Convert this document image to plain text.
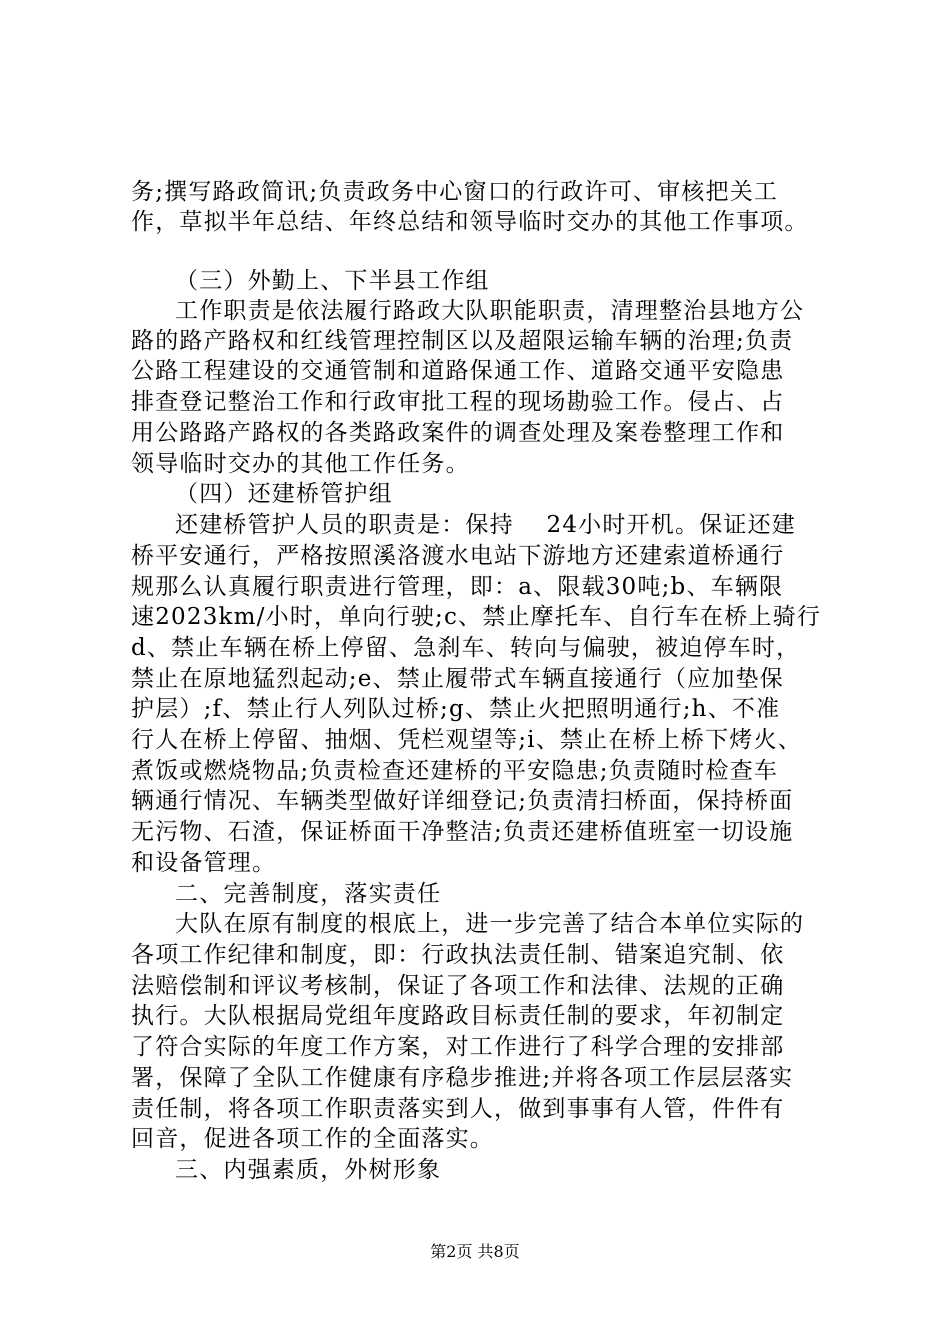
务;撰写路政简讯;负责政务中心窗口的行政许可、审核把关工
作，草拟半年总结、年终总结和领导临时交办的其他工作事项。
（三）外勤上、下半县工作组
工作职责是依法履行路政大队职能职责，清理整治县地方公
路的路产路权和红线管理控制区以及超限运输车辆的治理;负责
公路工程建设的交通管制和道路保通工作、道路交通平安隐患
排查登记整治工作和行政审批工程的现场勘验工作。侵占、占
用公路路产路权的各类路政案件的调查处理及案卷整理工作和
领导临时交办的其他工作任务。
（四）还建桥管护组
还建桥管护人员的职责是：保持　 24小时开机。保证还建
桥平安通行，严格按照溪洛渡水电站下游地方还建索道桥通行
规那么认真履行职责进行管理，即：a、限载30吨;b、车辆限
速2023km/小时，单向行驶;c、禁止摩托车、自行车在桥上骑行
d、禁止车辆在桥上停留、急刹车、转向与偏驶，被迫停车时，
禁止在原地猛烈起动;e、禁止履带式车辆直接通行（应加垫保
护层）;f、禁止行人列队过桥;g、禁止火把照明通行;h、不准
行人在桥上停留、抽烟、凭栏观望等;i、禁止在桥上桥下烤火、
煮饭或燃烧物品;负责检查还建桥的平安隐患;负责随时检查车
辆通行情况、车辆类型做好详细登记;负责清扫桥面，保持桥面
无污物、石渣，保证桥面干净整洁;负责还建桥值班室一切设施
和设备管理。
二、完善制度，落实责任
大队在原有制度的根底上，进一步完善了结合本单位实际的
各项工作纪律和制度，即：行政执法责任制、错案追究制、依
法赔偿制和评议考核制，保证了各项工作和法律、法规的正确
执行。大队根据局党组年度路政目标责任制的要求，年初制定
了符合实际的年度工作方案，对工作进行了科学合理的安排部
署，保障了全队工作健康有序稳步推进;并将各项工作层层落实
责任制，将各项工作职责落实到人，做到事事有人管，件件有
回音，促进各项工作的全面落实。
三、内强素质，外树形象
第2页 共8页
